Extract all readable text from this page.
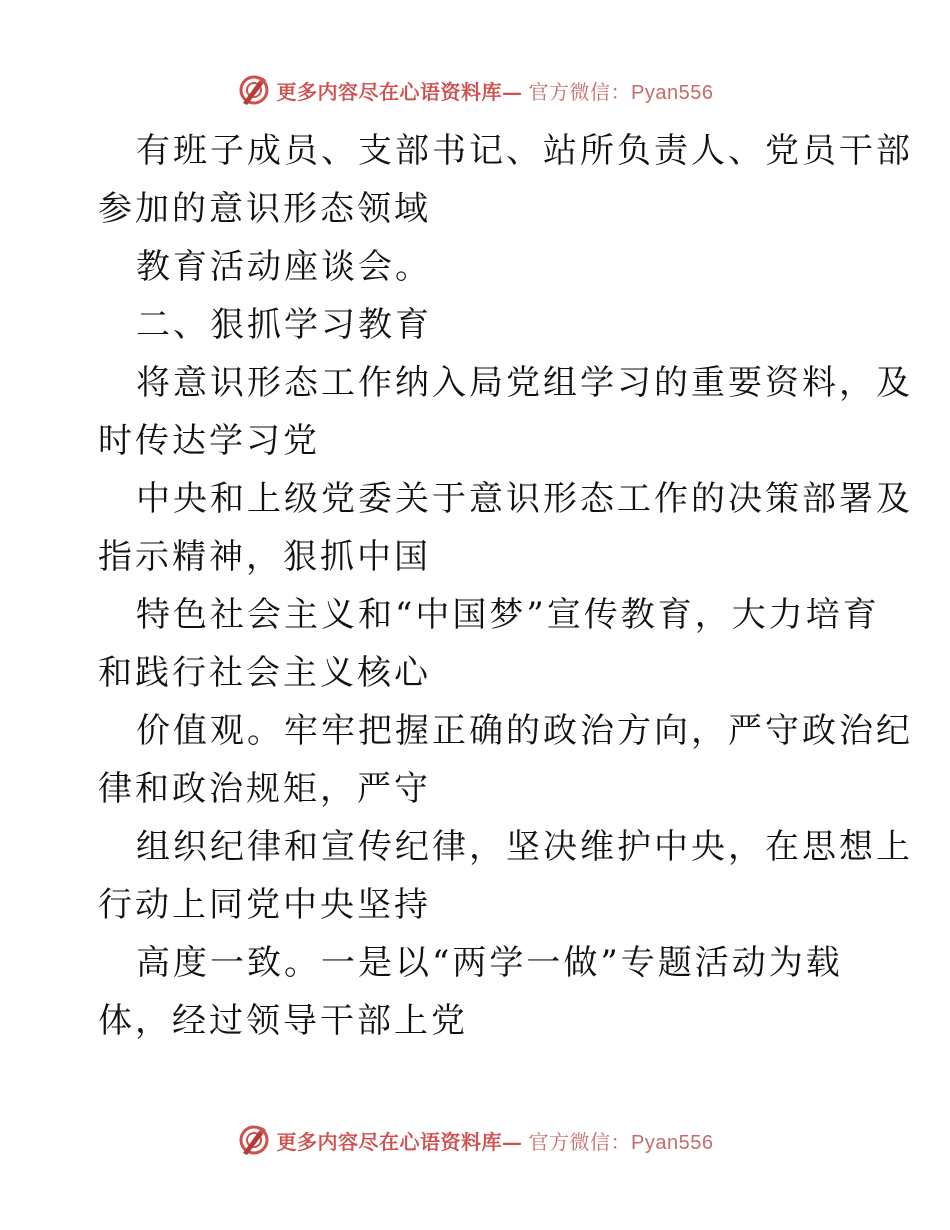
更多内容尽在心语资料库— 官方微信：Pyan556
有班子成员、支部书记、站所负责人、党员干部
参加的意识形态领域
教育活动座谈会。
二、狠抓学习教育
将意识形态工作纳入局党组学习的重要资料，及
时传达学习党
中央和上级党委关于意识形态工作的决策部署及
指示精神，狠抓中国
特色社会主义和“中国梦”宣传教育，大力培育
和践行社会主义核心
价值观。牢牢把握正确的政治方向，严守政治纪
律和政治规矩，严守
组织纪律和宣传纪律，坚决维护中央，在思想上
行动上同党中央坚持
高度一致。一是以“两学一做”专题活动为载
体，经过领导干部上党
更多内容尽在心语资料库— 官方微信：Pyan556
